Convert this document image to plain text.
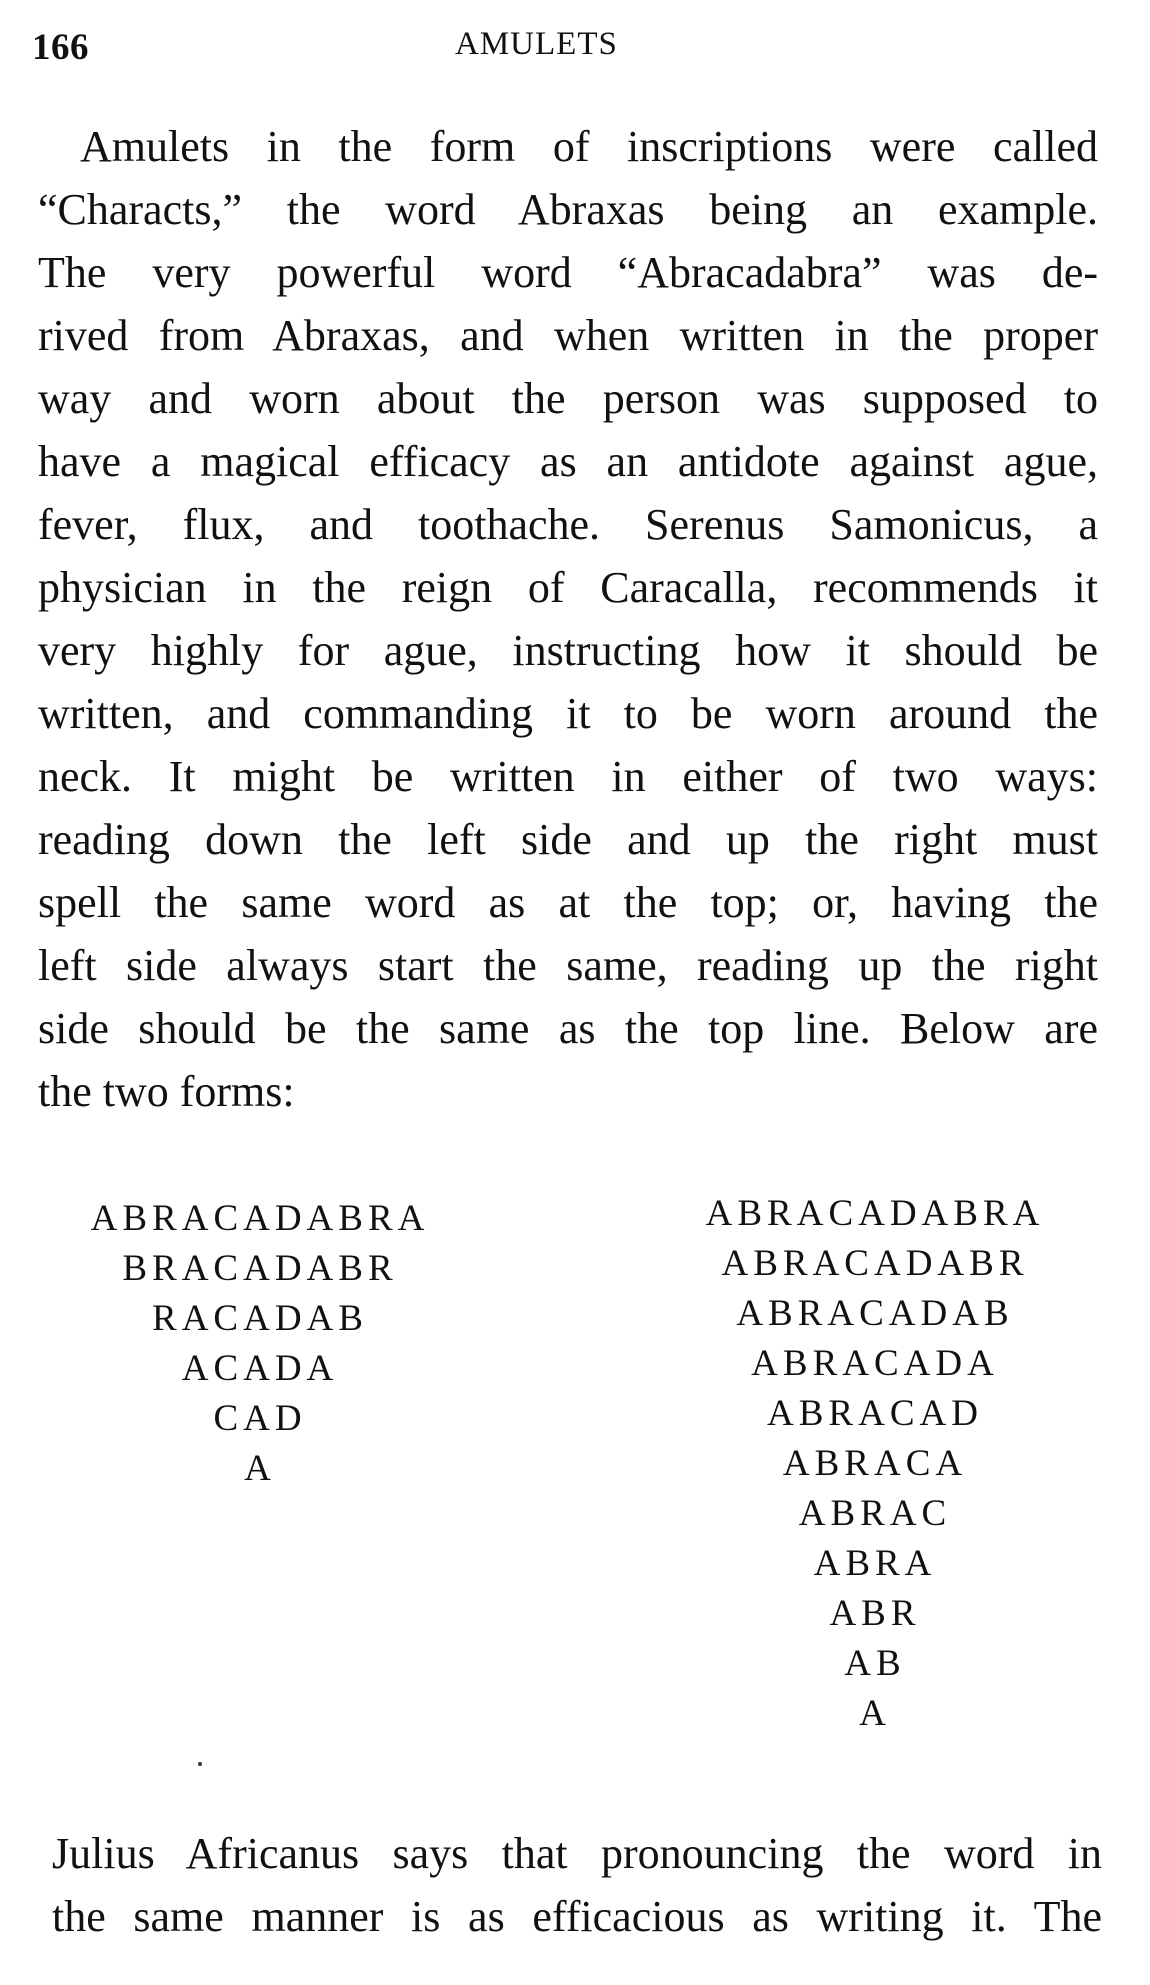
166	AMULETS
Amulets in the form of inscriptions were called
“Characts,” the word Abraxas being an example.
The very powerful word “Abracadabra” was de-
rived from Abraxas, and when written in the proper
way and worn about the person was supposed to
have a magical efficacy as an antidote against ague,
fever, flux, and toothache. Serenus Samonicus, a
physician in the reign of Caracalla, recommends it
very highly for ague, instructing how it should be
written, and commanding it to be worn around the
neck. It might be written in either of two ways:
reading down the left side and up the right must
spell the same word as at the top; or, having the
left side always start the same, reading up the right
side should be the same as the top line. Below are
the two forms:
ABRACADABRA
BRACADABR
RACADAB
ACADA
CAD
A
ABRACADABRA
ABRACADABR
ABRACADAB
ABRACADA
ABRACAD
ABRACA
ABRAC
ABRA
ABR
AB
A
Julius Africanus says that pronouncing the word in
the same manner is as efficacious as writing it. The
